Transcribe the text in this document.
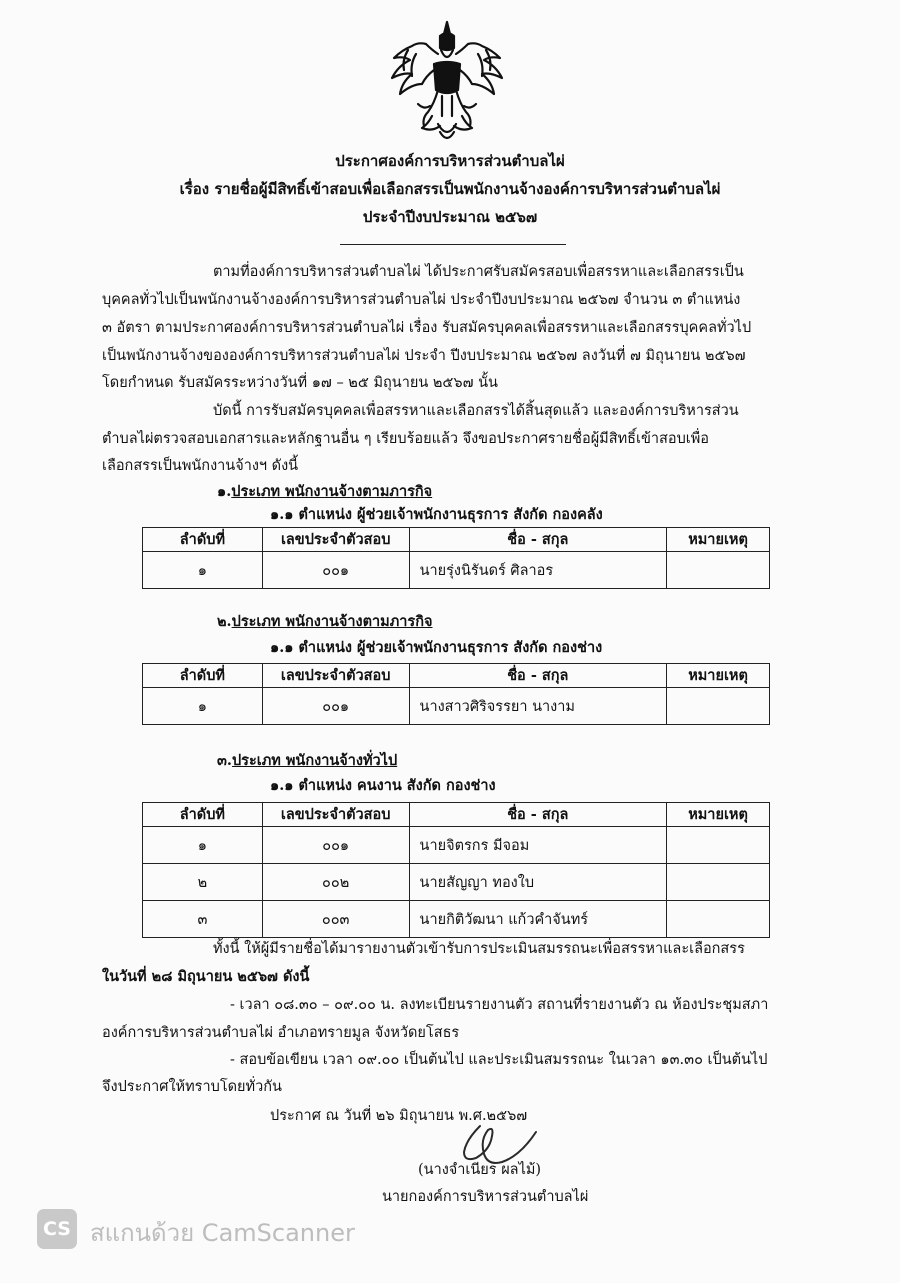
ประกาศองค์การบริหารส่วนตำบลไผ่
เรื่อง รายชื่อผู้มีสิทธิ์เข้าสอบเพื่อเลือกสรรเป็นพนักงานจ้างองค์การบริหารส่วนตำบลไผ่
ประจำปีงบประมาณ ๒๕๖๗
ตามที่องค์การบริหารส่วนตำบลไผ่ ได้ประกาศรับสมัครสอบเพื่อสรรหาและเลือกสรรเป็น
บุคคลทั่วไปเป็นพนักงานจ้างองค์การบริหารส่วนตำบลไผ่ ประจำปีงบประมาณ ๒๕๖๗ จำนวน ๓ ตำแหน่ง
๓ อัตรา ตามประกาศองค์การบริหารส่วนตำบลไผ่ เรื่อง รับสมัครบุคคลเพื่อสรรหาและเลือกสรรบุคคลทั่วไป
เป็นพนักงานจ้างขององค์การบริหารส่วนตำบลไผ่ ประจำ ปีงบประมาณ ๒๕๖๗ ลงวันที่ ๗ มิถุนายน ๒๕๖๗
โดยกำหนด รับสมัครระหว่างวันที่ ๑๗ – ๒๕ มิถุนายน ๒๕๖๗ นั้น
บัดนี้ การรับสมัครบุคคลเพื่อสรรหาและเลือกสรรได้สิ้นสุดแล้ว และองค์การบริหารส่วน
ตำบลไผ่ตรวจสอบเอกสารและหลักฐานอื่น ๆ เรียบร้อยแล้ว จึงขอประกาศรายชื่อผู้มีสิทธิ์เข้าสอบเพื่อ
เลือกสรรเป็นพนักงานจ้างฯ ดังนี้
๑.ประเภท พนักงานจ้างตามภารกิจ
๑.๑ ตำแหน่ง ผู้ช่วยเจ้าพนักงานธุรการ สังกัด กองคลัง
ลำดับที่	เลขประจำตัวสอบ	ชื่อ - สกุล	หมายเหตุ
๑	๐๐๑	นายรุ่งนิรันดร์ ศิลาอร	
๒.ประเภท พนักงานจ้างตามภารกิจ
๑.๑ ตำแหน่ง ผู้ช่วยเจ้าพนักงานธุรการ สังกัด กองช่าง
ลำดับที่	เลขประจำตัวสอบ	ชื่อ - สกุล	หมายเหตุ
๑	๐๐๑	นางสาวศิริจรรยา นางาม	
๓.ประเภท พนักงานจ้างทั่วไป
๑.๑ ตำแหน่ง คนงาน สังกัด กองช่าง
ลำดับที่	เลขประจำตัวสอบ	ชื่อ - สกุล	หมายเหตุ
๑	๐๐๑	นายจิตรกร มีจอม	
๒	๐๐๒	นายสัญญา ทองใบ	
๓	๐๐๓	นายกิติวัฒนา แก้วคำจันทร์	
ทั้งนี้ ให้ผู้มีรายชื่อได้มารายงานตัวเข้ารับการประเมินสมรรถนะเพื่อสรรหาและเลือกสรร
ในวันที่ ๒๘ มิถุนายน ๒๕๖๗ ดังนี้
- เวลา ๐๘.๓๐ – ๐๙.๐๐ น. ลงทะเบียนรายงานตัว สถานที่รายงานตัว ณ ห้องประชุมสภา
องค์การบริหารส่วนตำบลไผ่ อำเภอทรายมูล จังหวัดยโสธร
- สอบข้อเขียน เวลา ๐๙.๐๐ เป็นต้นไป และประเมินสมรรถนะ ในเวลา ๑๓.๓๐ เป็นต้นไป
จึงประกาศให้ทราบโดยทั่วกัน
ประกาศ ณ วันที่ ๒๖ มิถุนายน พ.ศ.๒๕๖๗
(นางจำเนียร ผลไม้)
นายกองค์การบริหารส่วนตำบลไผ่
CS สแกนด้วย CamScanner
